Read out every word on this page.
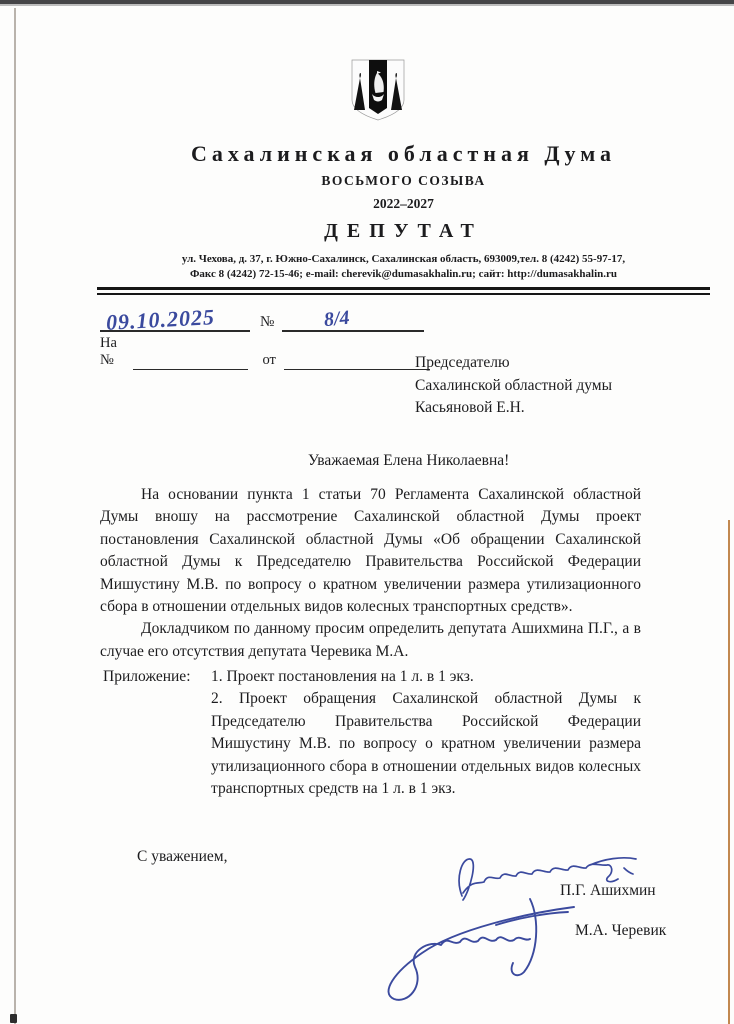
Сахалинская областная Дума
ВОСЬМОГО СОЗЫВА
2022–2027
ДЕПУТАТ
ул. Чехова, д. 37, г. Южно-Сахалинск, Сахалинская область, 693009,тел. 8 (4242) 55-97-17,
Факс 8 (4242) 72-15-46; e-mail: cherevik@dumasakhalin.ru; сайт: http://dumasakhalin.ru
09.10.2025	№	8/4
На №	от	Председателю
Сахалинской областной думы
Касьяновой Е.Н.
Уважаемая Елена Николаевна!

На основании пункта 1 статьи 70 Регламента Сахалинской областной Думы вношу на рассмотрение Сахалинской областной Думы проект постановления Сахалинской областной Думы «Об обращении Сахалинской областной Думы к Председателю Правительства Российской Федерации Мишустину М.В. по вопросу о кратном увеличении размера утилизационного сбора в отношении отдельных видов колесных транспортных средств».

Докладчиком по данному просим определить депутата Ашихмина П.Г., а в случае его отсутствия депутата Черевика М.А.

Приложение:	1. Проект постановления на 1 л. в 1 экз.
2. Проект обращения Сахалинской областной Думы к Председателю Правительства Российской Федерации Мишустину М.В. по вопросу о кратном увеличении размера утилизационного сбора в отношении отдельных видов колесных транспортных средств на 1 л. в 1 экз.
С уважением,
П.Г. Ашихмин
М.А. Черевик
